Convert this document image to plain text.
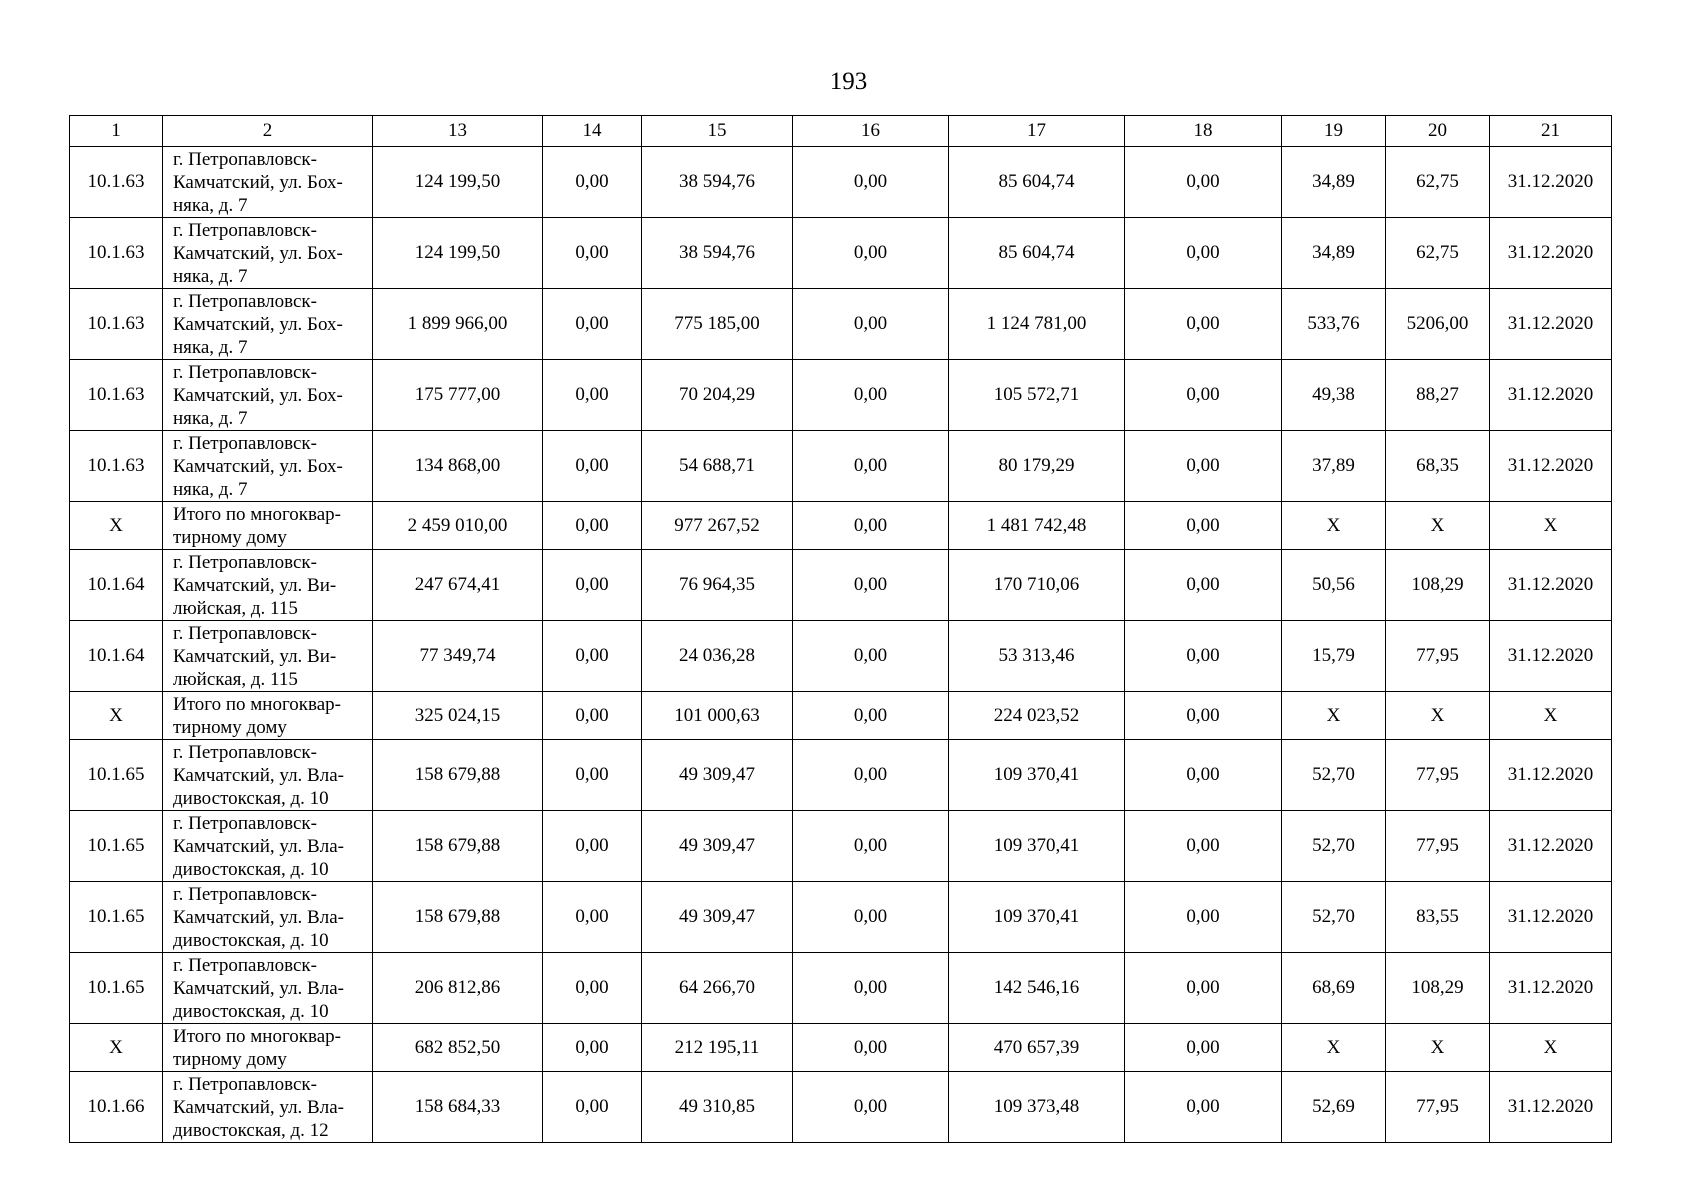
193
1	2	13	14	15	16	17	18	19	20	21
10.1.63	г. Петропавловск-
Камчатский, ул. Бох-
няка, д. 7	124 199,50	0,00	38 594,76	0,00	85 604,74	0,00	34,89	62,75	31.12.2020
10.1.63	г. Петропавловск-
Камчатский, ул. Бох-
няка, д. 7	124 199,50	0,00	38 594,76	0,00	85 604,74	0,00	34,89	62,75	31.12.2020
10.1.63	г. Петропавловск-
Камчатский, ул. Бох-
няка, д. 7	1 899 966,00	0,00	775 185,00	0,00	1 124 781,00	0,00	533,76	5206,00	31.12.2020
10.1.63	г. Петропавловск-
Камчатский, ул. Бох-
няка, д. 7	175 777,00	0,00	70 204,29	0,00	105 572,71	0,00	49,38	88,27	31.12.2020
10.1.63	г. Петропавловск-
Камчатский, ул. Бох-
няка, д. 7	134 868,00	0,00	54 688,71	0,00	80 179,29	0,00	37,89	68,35	31.12.2020
X	Итого по многоквар-
тирному дому	2 459 010,00	0,00	977 267,52	0,00	1 481 742,48	0,00	X	X	X
10.1.64	г. Петропавловск-
Камчатский, ул. Ви-
люйская, д. 115	247 674,41	0,00	76 964,35	0,00	170 710,06	0,00	50,56	108,29	31.12.2020
10.1.64	г. Петропавловск-
Камчатский, ул. Ви-
люйская, д. 115	77 349,74	0,00	24 036,28	0,00	53 313,46	0,00	15,79	77,95	31.12.2020
X	Итого по многоквар-
тирному дому	325 024,15	0,00	101 000,63	0,00	224 023,52	0,00	X	X	X
10.1.65	г. Петропавловск-
Камчатский, ул. Вла-
дивостокская, д. 10	158 679,88	0,00	49 309,47	0,00	109 370,41	0,00	52,70	77,95	31.12.2020
10.1.65	г. Петропавловск-
Камчатский, ул. Вла-
дивостокская, д. 10	158 679,88	0,00	49 309,47	0,00	109 370,41	0,00	52,70	77,95	31.12.2020
10.1.65	г. Петропавловск-
Камчатский, ул. Вла-
дивостокская, д. 10	158 679,88	0,00	49 309,47	0,00	109 370,41	0,00	52,70	83,55	31.12.2020
10.1.65	г. Петропавловск-
Камчатский, ул. Вла-
дивостокская, д. 10	206 812,86	0,00	64 266,70	0,00	142 546,16	0,00	68,69	108,29	31.12.2020
X	Итого по многоквар-
тирному дому	682 852,50	0,00	212 195,11	0,00	470 657,39	0,00	X	X	X
10.1.66	г. Петропавловск-
Камчатский, ул. Вла-
дивостокская, д. 12	158 684,33	0,00	49 310,85	0,00	109 373,48	0,00	52,69	77,95	31.12.2020
